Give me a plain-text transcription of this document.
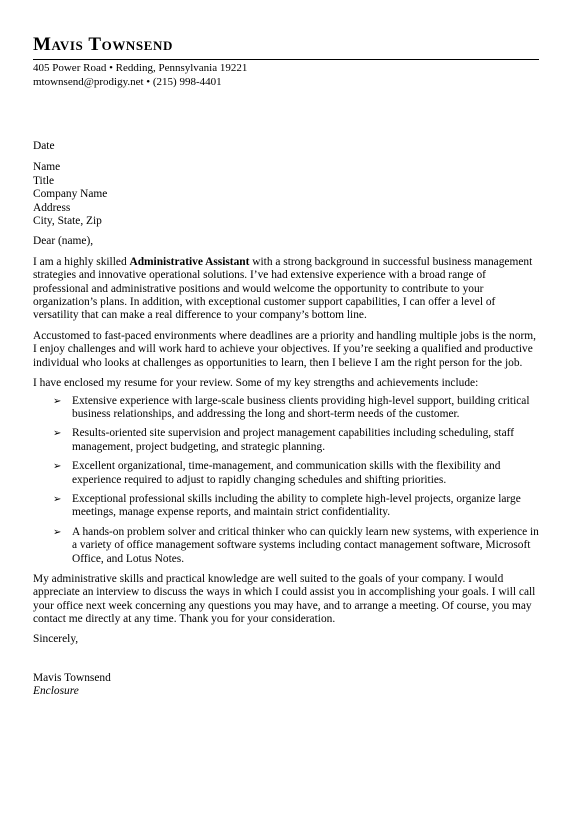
Mavis Townsend
405 Power Road • Redding, Pennsylvania 19221
mtownsend@prodigy.net • (215) 998-4401
Date
Name
Title
Company Name
Address
City, State, Zip
Dear (name),

I am a highly skilled Administrative Assistant with a strong background in successful business management strategies and innovative operational solutions. I’ve had extensive experience with a broad range of professional and administrative positions and would welcome the opportunity to contribute to your organization’s plans. In addition, with exceptional customer support capabilities, I can offer a level of versatility that can make a real difference to your company’s bottom line.

Accustomed to fast-paced environments where deadlines are a priority and handling multiple jobs is the norm, I enjoy challenges and will work hard to achieve your objectives. If you’re seeking a qualified and productive individual who looks at challenges as opportunities to learn, then I believe I am the right person for the job.

I have enclosed my resume for your review. Some of my key strengths and achievements include:

➢ Extensive experience with large-scale business clients providing high-level support, building critical business relationships, and addressing the long and short-term needs of the customer.
➢ Results-oriented site supervision and project management capabilities including scheduling, staff management, project budgeting, and strategic planning.
➢ Excellent organizational, time-management, and communication skills with the flexibility and experience required to adjust to rapidly changing schedules and shifting priorities.
➢ Exceptional professional skills including the ability to complete high-level projects, organize large meetings, manage expense reports, and maintain strict confidentiality.
➢ A hands-on problem solver and critical thinker who can quickly learn new systems, with experience in a variety of office management software systems including contact management software, Microsoft Office, and Lotus Notes.

My administrative skills and practical knowledge are well suited to the goals of your company. I would appreciate an interview to discuss the ways in which I could assist you in accomplishing your goals. I will call your office next week concerning any questions you may have, and to arrange a meeting. Of course, you may contact me directly at any time. Thank you for your consideration.

Sincerely,
Mavis Townsend
Enclosure
